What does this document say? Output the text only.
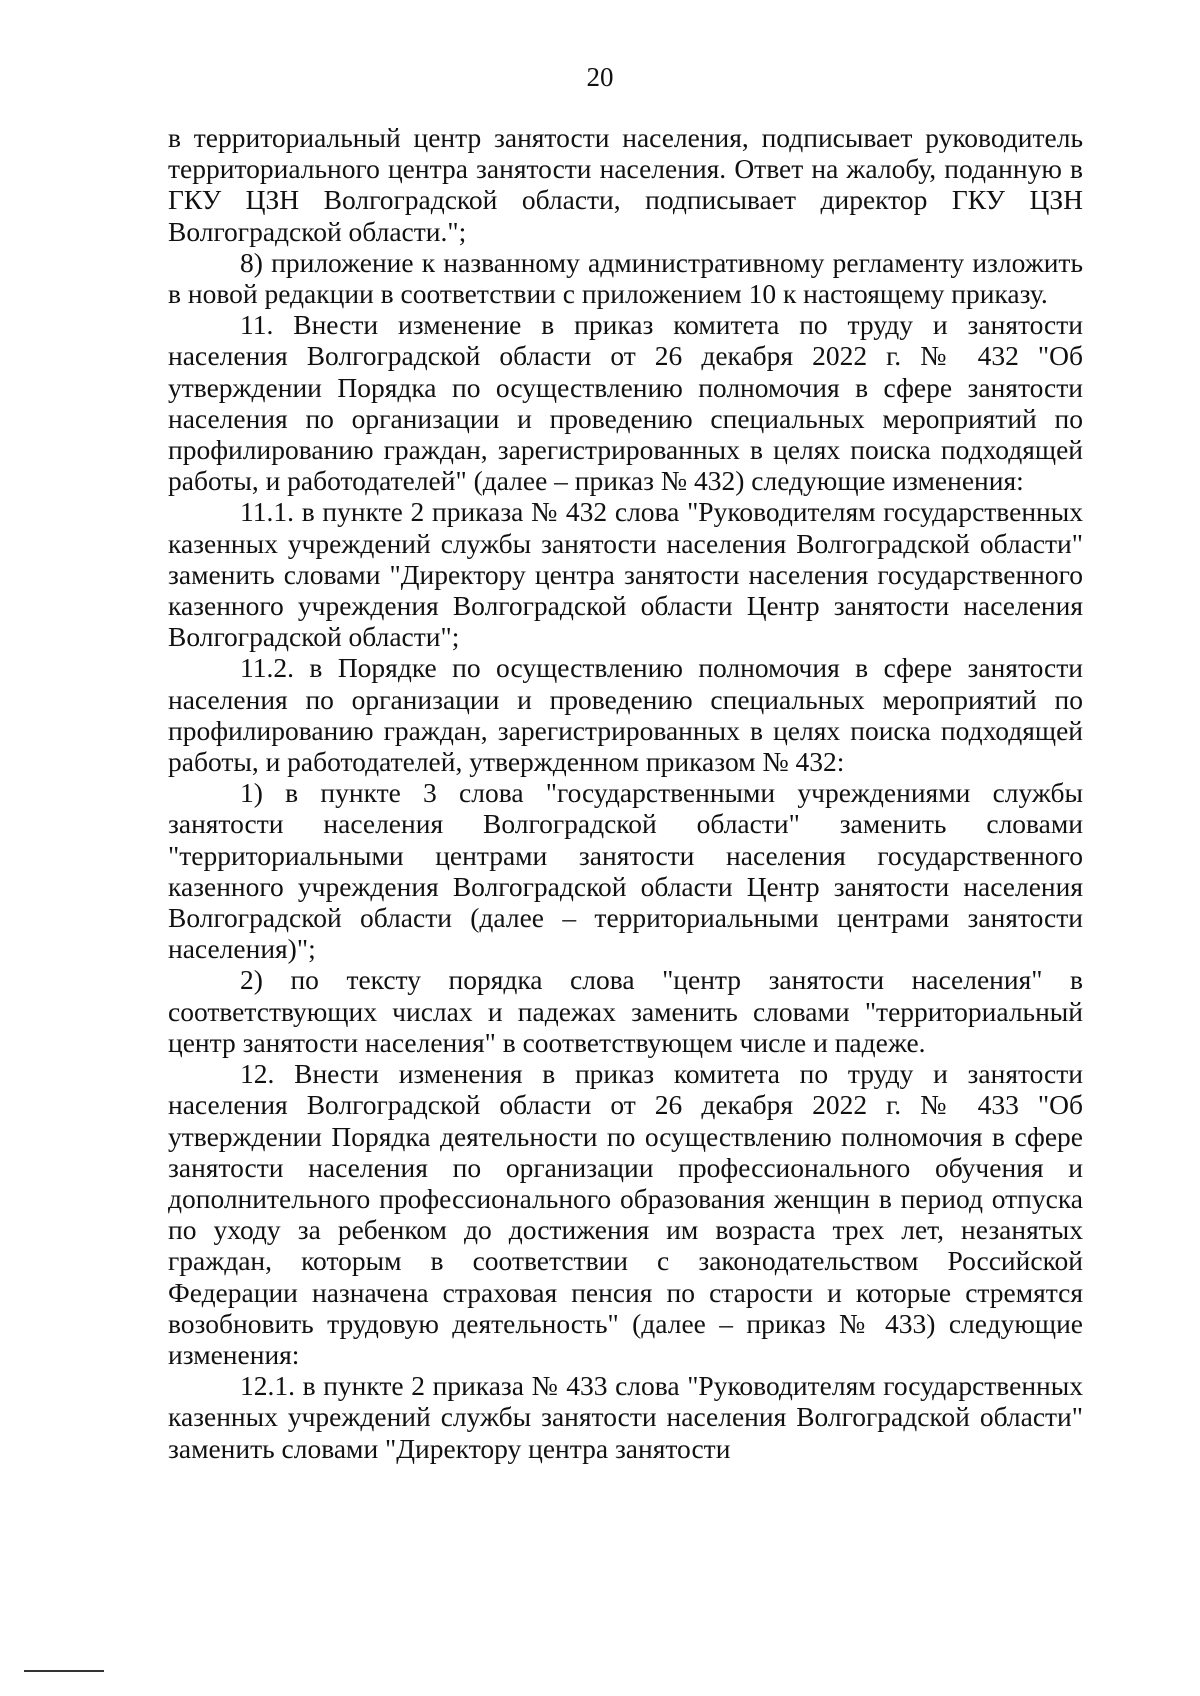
20

в территориальный центр занятости населения, подписывает руководитель территориального центра занятости населения. Ответ на жалобу, поданную в ГКУ ЦЗН Волгоградской области, подписывает директор ГКУ ЦЗН Волгоградской области.";

8) приложение к названному административному регламенту изложить в новой редакции в соответствии с приложением 10 к настоящему приказу.

11. Внести изменение в приказ комитета по труду и занятости населения Волгоградской области от 26 декабря 2022 г. № 432 "Об утверждении Порядка по осуществлению полномочия в сфере занятости населения по организации и проведению специальных мероприятий по профилированию граждан, зарегистрированных в целях поиска подходящей работы, и работодателей" (далее – приказ № 432) следующие изменения:

11.1. в пункте 2 приказа № 432 слова "Руководителям государственных казенных учреждений службы занятости населения Волгоградской области" заменить словами "Директору центра занятости населения государственного казенного учреждения Волгоградской области Центр занятости населения Волгоградской области";

11.2. в Порядке по осуществлению полномочия в сфере занятости населения по организации и проведению специальных мероприятий по профилированию граждан, зарегистрированных в целях поиска подходящей работы, и работодателей, утвержденном приказом № 432:

1) в пункте 3 слова "государственными учреждениями службы занятости населения Волгоградской области" заменить словами "территориальными центрами занятости населения государственного казенного учреждения Волгоградской области Центр занятости населения Волгоградской области (далее – территориальными центрами занятости населения)";

2) по тексту порядка слова "центр занятости населения" в соответствующих числах и падежах заменить словами "территориальный центр занятости населения" в соответствующем числе и падеже.

12. Внести изменения в приказ комитета по труду и занятости населения Волгоградской области от 26 декабря 2022 г. № 433 "Об утверждении Порядка деятельности по осуществлению полномочия в сфере занятости населения по организации профессионального обучения и дополнительного профессионального образования женщин в период отпуска по уходу за ребенком до достижения им возраста трех лет, незанятых граждан, которым в соответствии с законодательством Российской Федерации назначена страховая пенсия по старости и которые стремятся возобновить трудовую деятельность" (далее – приказ № 433) следующие изменения:

12.1. в пункте 2 приказа № 433 слова "Руководителям государственных казенных учреждений службы занятости населения Волгоградской области" заменить словами "Директору центра занятости
